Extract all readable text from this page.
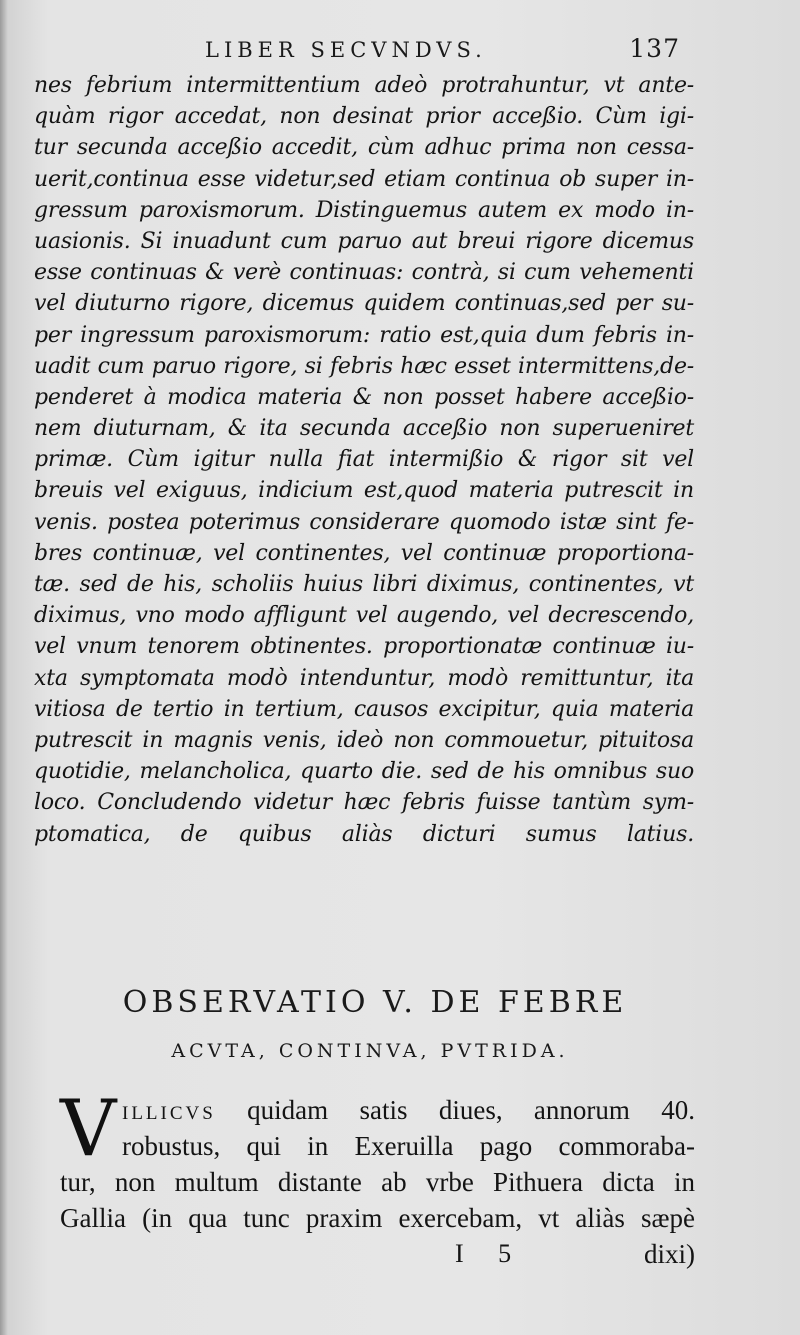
LIBER SECVNDVS.	137
nes febrium intermittentium adeò protrahuntur, vt ante-
quàm rigor accedat, non desinat prior acceßio. Cùm igi-
tur secunda acceßio accedit, cùm adhuc prima non cessa-
uerit,continua esse videtur,sed etiam continua ob super in-
gressum paroxismorum. Distinguemus autem ex modo in-
uasionis. Si inuadunt cum paruo aut breui rigore dicemus
esse continuas & verè continuas: contrà, si cum vehementi
vel diuturno rigore, dicemus quidem continuas,sed per su-
per ingressum paroxismorum: ratio est,quia dum febris in-
uadit cum paruo rigore, si febris hæc esset intermittens,de-
penderet à modica materia & non posset habere acceßio-
nem diuturnam, & ita secunda acceßio non superueniret
primæ. Cùm igitur nulla fiat intermißio & rigor sit vel
breuis vel exiguus, indicium est,quod materia putrescit in
venis. postea poterimus considerare quomodo istæ sint fe-
bres continuæ, vel continentes, vel continuæ proportiona-
tæ. sed de his, scholiis huius libri diximus, continentes, vt
diximus, vno modo affligunt vel augendo, vel decrescendo,
vel vnum tenorem obtinentes. proportionatæ continuæ iu-
xta symptomata modò intenduntur, modò remittuntur, ita
vitiosa de tertio in tertium, causos excipitur, quia materia
putrescit in magnis venis, ideò non commouetur, pituitosa
quotidie, melancholica, quarto die. sed de his omnibus suo
loco. Concludendo videtur hæc febris fuisse tantùm sym-
ptomatica, de quibus aliàs dicturi sumus latius.
OBSERVATIO V. DE FEBRE
ACVTA, CONTINVA, PVTRIDA.
V ILLICVS quidam satis diues, annorum 40.
robustus, qui in Exeruilla pago commoraba-
tur, non multum distante ab vrbe Pithuera dicta in
Gallia (in qua tunc praxim exercebam, vt aliàs sæpè
I 5	dixi)
